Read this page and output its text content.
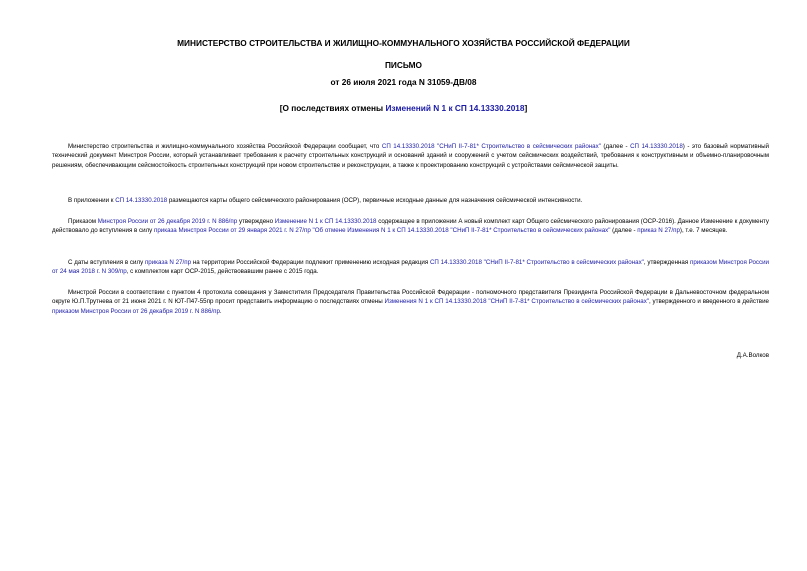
МИНИСТЕРСТВО СТРОИТЕЛЬСТВА И ЖИЛИЩНО-КОММУНАЛЬНОГО ХОЗЯЙСТВА РОССИЙСКОЙ ФЕДЕРАЦИИ
ПИСЬМО
от 26 июля 2021 года N 31059-ДВ/08
[О последствиях отмены Изменений N 1 к СП 14.13330.2018]
Министерство строительства и жилищно-коммунального хозяйства Российской Федерации сообщает, что СП 14.13330.2018 "СНиП II-7-81* Строительство в сейсмических районах" (далее - СП 14.13330.2018) - это базовый нормативный технический документ Минстроя России, который устанавливает требования к расчету строительных конструкций и оснований зданий и сооружений с учетом сейсмических воздействий, требования к конструктивным и объемно-планировочным решениям, обеспечивающим сейсмостойкость строительных конструкций при новом строительстве и реконструкции, а также к проектированию конструкций с устройствами сейсмической защиты.
В приложении к СП 14.13330.2018 размещаются карты общего сейсмического районирования (ОСР), первичные исходные данные для назначения сейсмической интенсивности.
Приказом Минстроя России от 26 декабря 2019 г. N 886/пр утверждено Изменение N 1 к СП 14.13330.2018 содержащее в приложении А новый комплект карт Общего сейсмического районирования (ОСР-2016). Данное Изменение к документу действовало до вступления в силу приказа Минстроя России от 29 января 2021 г. N 27/пр "Об отмене Изменения N 1 к СП 14.13330.2018 "СНиП II-7-81* Строительство в сейсмических районах" (далее - приказ N 27/пр), т.е. 7 месяцев.
С даты вступления в силу приказа N 27/пр на территории Российской Федерации подлежит применению исходная редакция СП 14.13330.2018 "СНиП II-7-81* Строительство в сейсмических районах", утвержденная приказом Минстроя России от 24 мая 2018 г. N 309/пр, с комплектом карт ОСР-2015, действовавшим ранее с 2015 года.
Минстрой России в соответствии с пунктом 4 протокола совещания у Заместителя Председателя Правительства Российской Федерации - полномочного представителя Президента Российской Федерации в Дальневосточном федеральном округе Ю.П.Трутнева от 21 июня 2021 г. N ЮТ-П47-55пр просит представить информацию о последствиях отмены Изменения N 1 к СП 14.13330.2018 "СНиП II-7-81* Строительство в сейсмических районах", утвержденного и введенного в действие приказом Минстроя России от 26 декабря 2019 г. N 886/пр.
Д.А.Волков
